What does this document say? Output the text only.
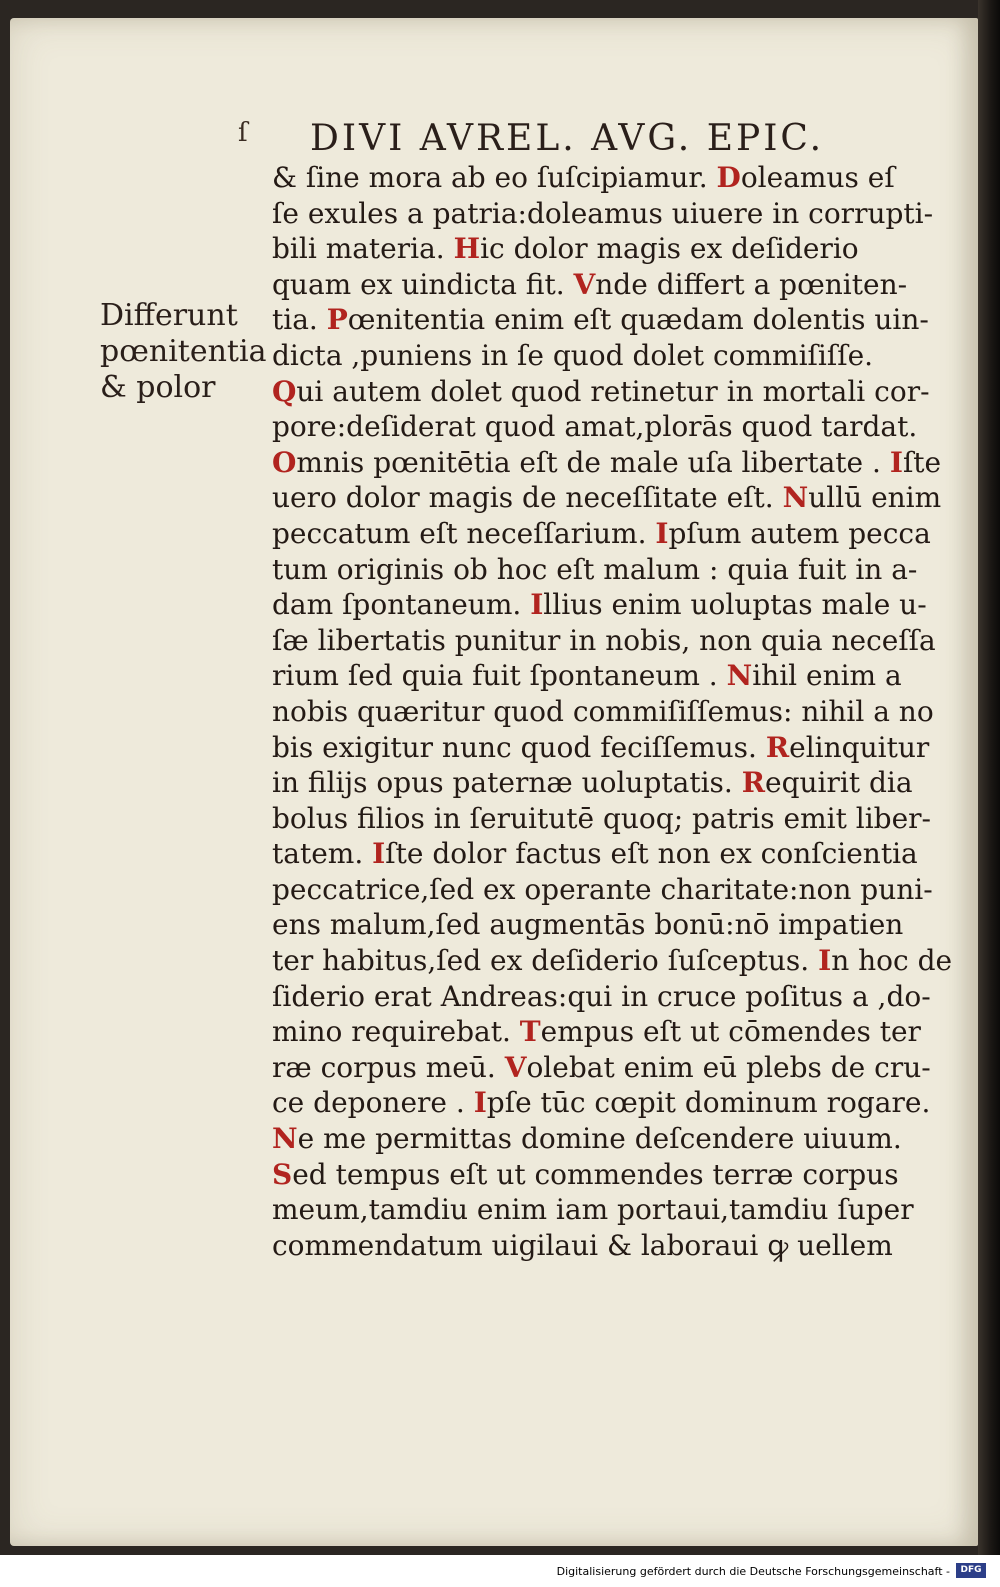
ſ DIVI AVREL. AVG. EPIC.
Differunt
pœnitentia
& polor
& ſine mora ab eo ſuſcipiamur. Doleamus eſ
ſe exules a patria:doleamus uiuere in corrupti-
bili materia. Hic dolor magis ex deſiderio
quam ex uindicta fit. Vnde differt a pœniten-
tia. Pœnitentia enim eſt quædam dolentis uin-
dicta ,puniens in ſe quod dolet commiſiſſe.
Qui autem dolet quod retinetur in mortali cor-
pore:deſiderat quod amat,plorās quod tardat.
Omnis pœnitētia eſt de male uſa libertate . Iſte
uero dolor magis de neceſſitate eſt. Nullū enim
peccatum eſt neceſſarium. Ipſum autem pecca
tum originis ob hoc eſt malum : quia fuit in a-
dam ſpontaneum. Illius enim uoluptas male u-
ſæ libertatis punitur in nobis, non quia neceſſa
rium ſed quia fuit ſpontaneum . Nihil enim a
nobis quæritur quod commiſiſſemus: nihil a no
bis exigitur nunc quod feciſſemus. Relinquitur
in filijs opus paternæ uoluptatis. Requirit dia
bolus filios in ſeruitutē quoq; patris emit liber-
tatem. Iſte dolor factus eſt non ex conſcientia
peccatrice,ſed ex operante charitate:non puni-
ens malum,ſed augmentās bonū:nō impatien
ter habitus,ſed ex deſiderio ſuſceptus. In hoc de
ſiderio erat Andreas:qui in cruce poſitus a ,do-
mino requirebat. Tempus eſt ut cōmendes ter
ræ corpus meū. Volebat enim eū plebs de cru-
ce deponere . Ipſe tūc cœpit dominum rogare.
Ne me permittas domine deſcendere uiuum.
Sed tempus eſt ut commendes terræ corpus
meum,tamdiu enim iam portaui,tamdiu ſuper
commendatum uigilaui & laboraui ꝙ uellem
Digitalisierung gefördert durch die Deutsche Forschungsgemeinschaft -	DFG
